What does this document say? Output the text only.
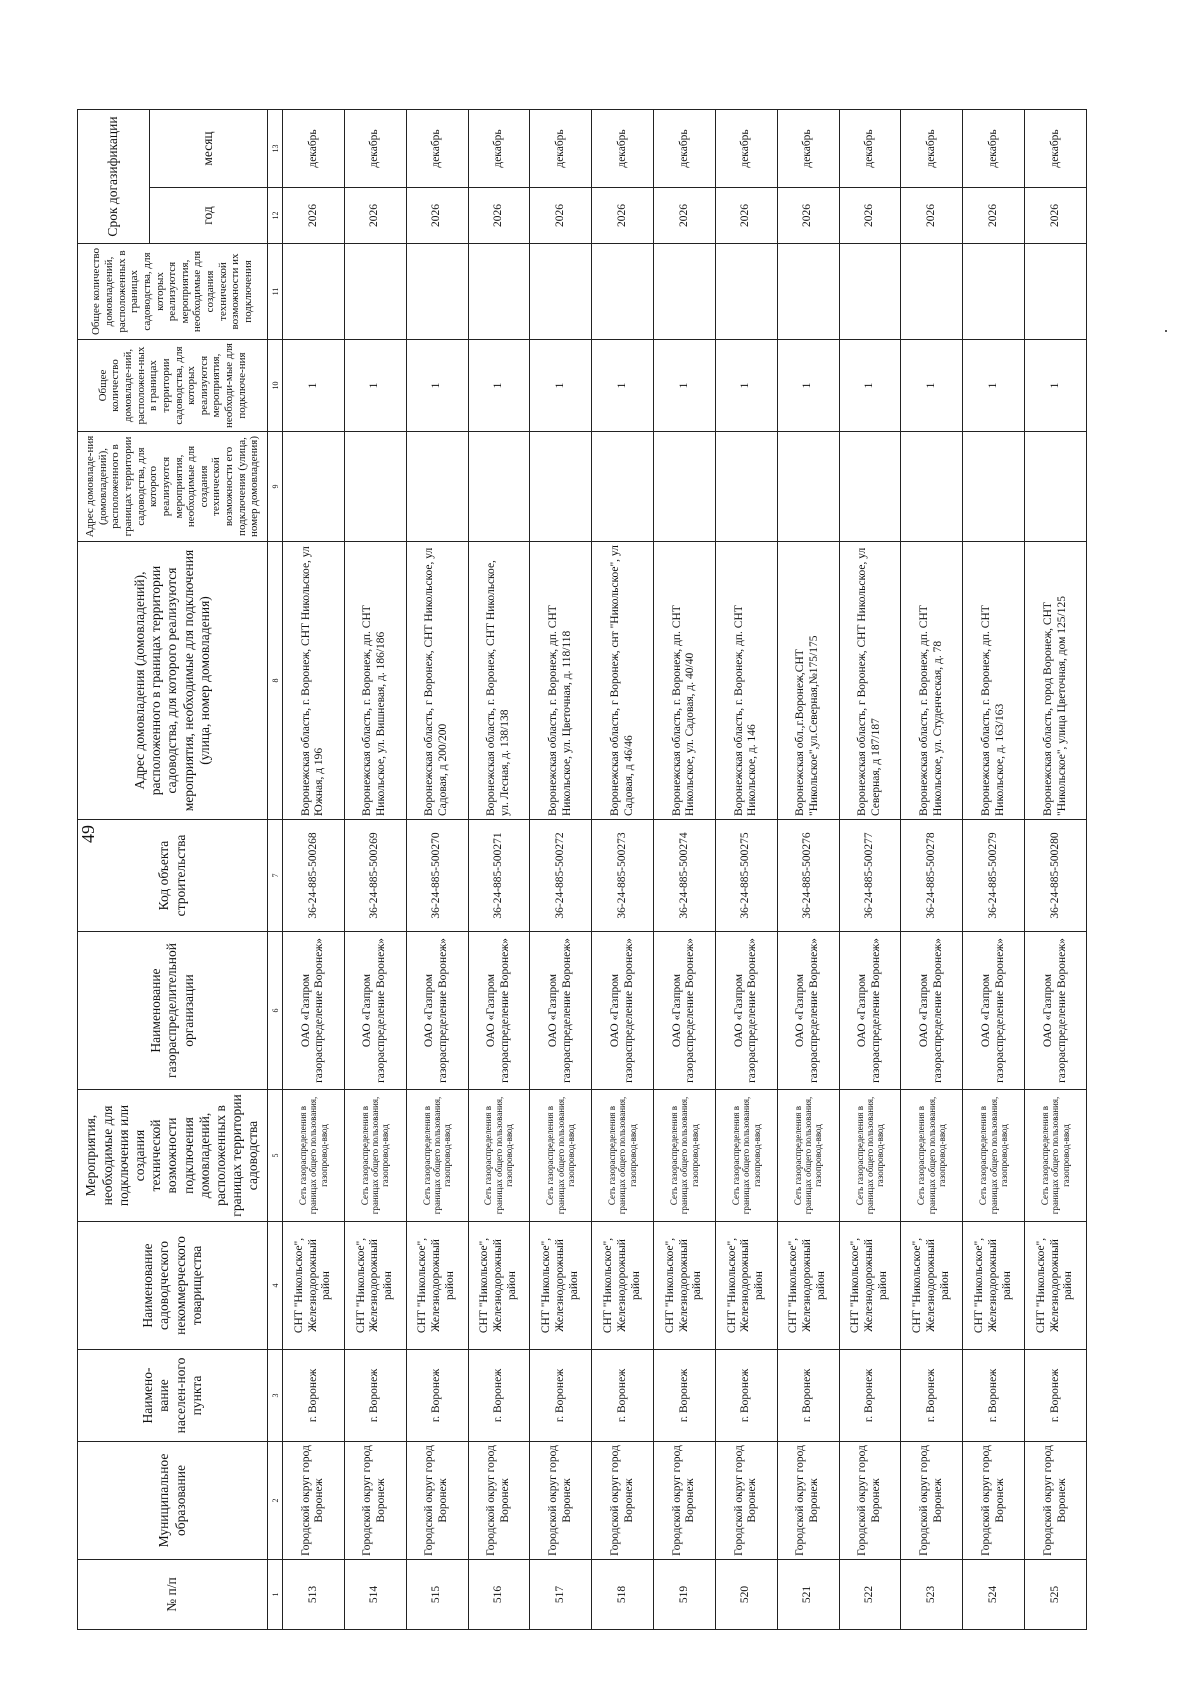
49
№ п/п	Муниципальное образование	Наимено-вание населен-ного пункта	Наименование садоводческого некоммерческого товарищества	Мероприятия, необходимые для подключения или создания технической возможности подключения домовладений, расположенных в границах территории садоводства	Наименование газораспределительной организации	Код объекта строительства	Адрес домовладения (домовладений), расположенного в границах территории садоводства, для которого реализуются мероприятия, необходимые для подключения (улица, номер домовладения)	Адрес домовладе-ния (домовладений), расположенного в границах территории садоводства, для которого реализуются мероприятия, необходимые для создания технической возможности его подключения (улица, номер домовладения)	Общее количество домовладе-ний, расположен-ных в границах территории садоводства, для которых реализуются мероприятия, необходи-мые для подключе-ния	Общее количество домовладений, расположенных в границах садоводства, для которых реализуются мероприятия, необходимые для создания технической возможности их подключения	Срок догазификации	
											год	месяц
1	2	3	4	5	6	7	8	9	10	11	12	13
513	Городской округ город Воронеж	г. Воронеж	СНТ "Никольское", Железнодорожный район	Сеть газораспределения в границах общего пользования, газопровод-ввод	ОАО «Газпром газораспределение Воронеж»	36-24-885-500268	Воронежская область, г. Воронеж, СНТ Никольское, ул Южная, д 196		1		2026	декабрь
514	Городской округ город Воронеж	г. Воронеж	СНТ "Никольское", Железнодорожный район	Сеть газораспределения в границах общего пользования, газопровод-ввод	ОАО «Газпром газораспределение Воронеж»	36-24-885-500269	Воронежская область, г. Воронеж, дп. СНТ Никольское, ул. Вишневая, д. 186/186		1		2026	декабрь
515	Городской округ город Воронеж	г. Воронеж	СНТ "Никольское", Железнодорожный район	Сеть газораспределения в границах общего пользования, газопровод-ввод	ОАО «Газпром газораспределение Воронеж»	36-24-885-500270	Воронежская область, г Воронеж, СНТ Никольское, ул Садовая, д 200/200		1		2026	декабрь
516	Городской округ город Воронеж	г. Воронеж	СНТ "Никольское", Железнодорожный район	Сеть газораспределения в границах общего пользования, газопровод-ввод	ОАО «Газпром газораспределение Воронеж»	36-24-885-500271	Воронежская область, г. Воронеж, СНТ Никольское, ул. Лесная, д. 138/138		1		2026	декабрь
517	Городской округ город Воронеж	г. Воронеж	СНТ "Никольское", Железнодорожный район	Сеть газораспределения в границах общего пользования, газопровод-ввод	ОАО «Газпром газораспределение Воронеж»	36-24-885-500272	Воронежская область, г. Воронеж, дп. СНТ Никольское, ул. Цветочная, д. 118/118		1		2026	декабрь
518	Городской округ город Воронеж	г. Воронеж	СНТ "Никольское", Железнодорожный район	Сеть газораспределения в границах общего пользования, газопровод-ввод	ОАО «Газпром газораспределение Воронеж»	36-24-885-500273	Воронежская область, г Воронеж, снт "Никольское", ул Садовая, д 46/46		1		2026	декабрь
519	Городской округ город Воронеж	г. Воронеж	СНТ "Никольское", Железнодорожный район	Сеть газораспределения в границах общего пользования, газопровод-ввод	ОАО «Газпром газораспределение Воронеж»	36-24-885-500274	Воронежская область, г. Воронеж, дп. СНТ Никольское, ул. Садовая, д. 40/40		1		2026	декабрь
520	Городской округ город Воронеж	г. Воронеж	СНТ "Никольское", Железнодорожный район	Сеть газораспределения в границах общего пользования, газопровод-ввод	ОАО «Газпром газораспределение Воронеж»	36-24-885-500275	Воронежская область, г. Воронеж, дп. СНТ Никольское, д. 146		1		2026	декабрь
521	Городской округ город Воронеж	г. Воронеж	СНТ "Никольское", Железнодорожный район	Сеть газораспределения в границах общего пользования, газопровод-ввод	ОАО «Газпром газораспределение Воронеж»	36-24-885-500276	Воронежская обл.,г.Воронеж,СНТ "Никольское",ул.Северная,№175/175		1		2026	декабрь
522	Городской округ город Воронеж	г. Воронеж	СНТ "Никольское", Железнодорожный район	Сеть газораспределения в границах общего пользования, газопровод-ввод	ОАО «Газпром газораспределение Воронеж»	36-24-885-500277	Воронежская область, г Воронеж, СНТ Никольское, ул Северная, д 187/187		1		2026	декабрь
523	Городской округ город Воронеж	г. Воронеж	СНТ "Никольское", Железнодорожный район	Сеть газораспределения в границах общего пользования, газопровод-ввод	ОАО «Газпром газораспределение Воронеж»	36-24-885-500278	Воронежская область, г. Воронеж, дп. СНТ Никольское, ул. Студенческая, д. 78		1		2026	декабрь
524	Городской округ город Воронеж	г. Воронеж	СНТ "Никольское", Железнодорожный район	Сеть газораспределения в границах общего пользования, газопровод-ввод	ОАО «Газпром газораспределение Воронеж»	36-24-885-500279	Воронежская область, г. Воронеж, дп. СНТ Никольское, д. 163/163		1		2026	декабрь
525	Городской округ город Воронеж	г. Воронеж	СНТ "Никольское", Железнодорожный район	Сеть газораспределения в границах общего пользования, газопровод-ввод	ОАО «Газпром газораспределение Воронеж»	36-24-885-500280	Воронежская область, город Воронеж, СНТ "Никольское", улица Цветочная, дом 125/125		1		2026	декабрь
